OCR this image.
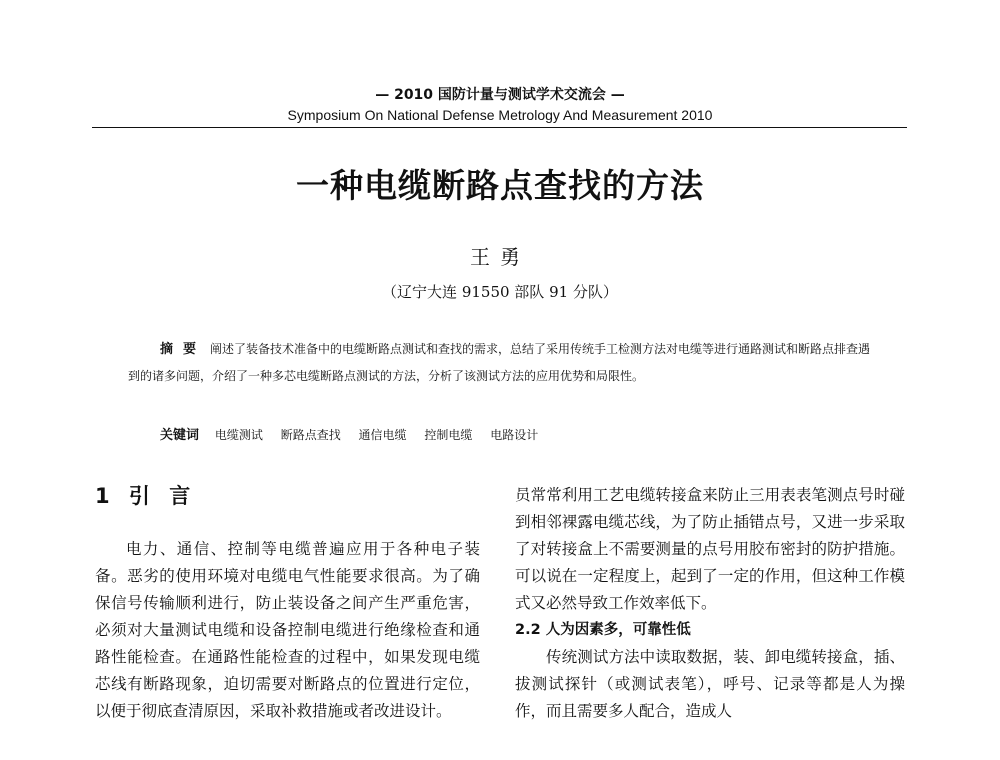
— 2010 国防计量与测试学术交流会 —
Symposium On National Defense Metrology And Measurement 2010
一种电缆断路点查找的方法
王勇
（辽宁大连 91550 部队 91 分队）
摘要 阐述了装备技术准备中的电缆断路点测试和查找的需求，总结了采用传统手工检测方法对电缆等进行通路测试和断路点排查遇到的诸多问题，介绍了一种多芯电缆断路点测试的方法，分析了该测试方法的应用优势和局限性。
关键词 电缆测试 断路点查找 通信电缆 控制电缆 电路设计
1 引 言

电力、通信、控制等电缆普遍应用于各种电子装备。恶劣的使用环境对电缆电气性能要求很高。为了确保信号传输顺利进行，防止装设备之间产生严重危害，必须对大量测试电缆和设备控制电缆进行绝缘检查和通路性能检查。在通路性能检查的过程中，如果发现电缆芯线有断路现象，迫切需要对断路点的位置进行定位，以便于彻底查清原因，采取补救措施或者改进设计。

员常常利用工艺电缆转接盒来防止三用表表笔测点号时碰到相邻裸露电缆芯线，为了防止插错点号，又进一步采取了对转接盒上不需要测量的点号用胶布密封的防护措施。可以说在一定程度上，起到了一定的作用，但这种工作模式又必然导致工作效率低下。

2.2 人为因素多，可靠性低

传统测试方法中读取数据，装、卸电缆转接盒，插、拔测试探针（或测试表笔），呼号、记录等都是人为操作，而且需要多人配合，造成人
